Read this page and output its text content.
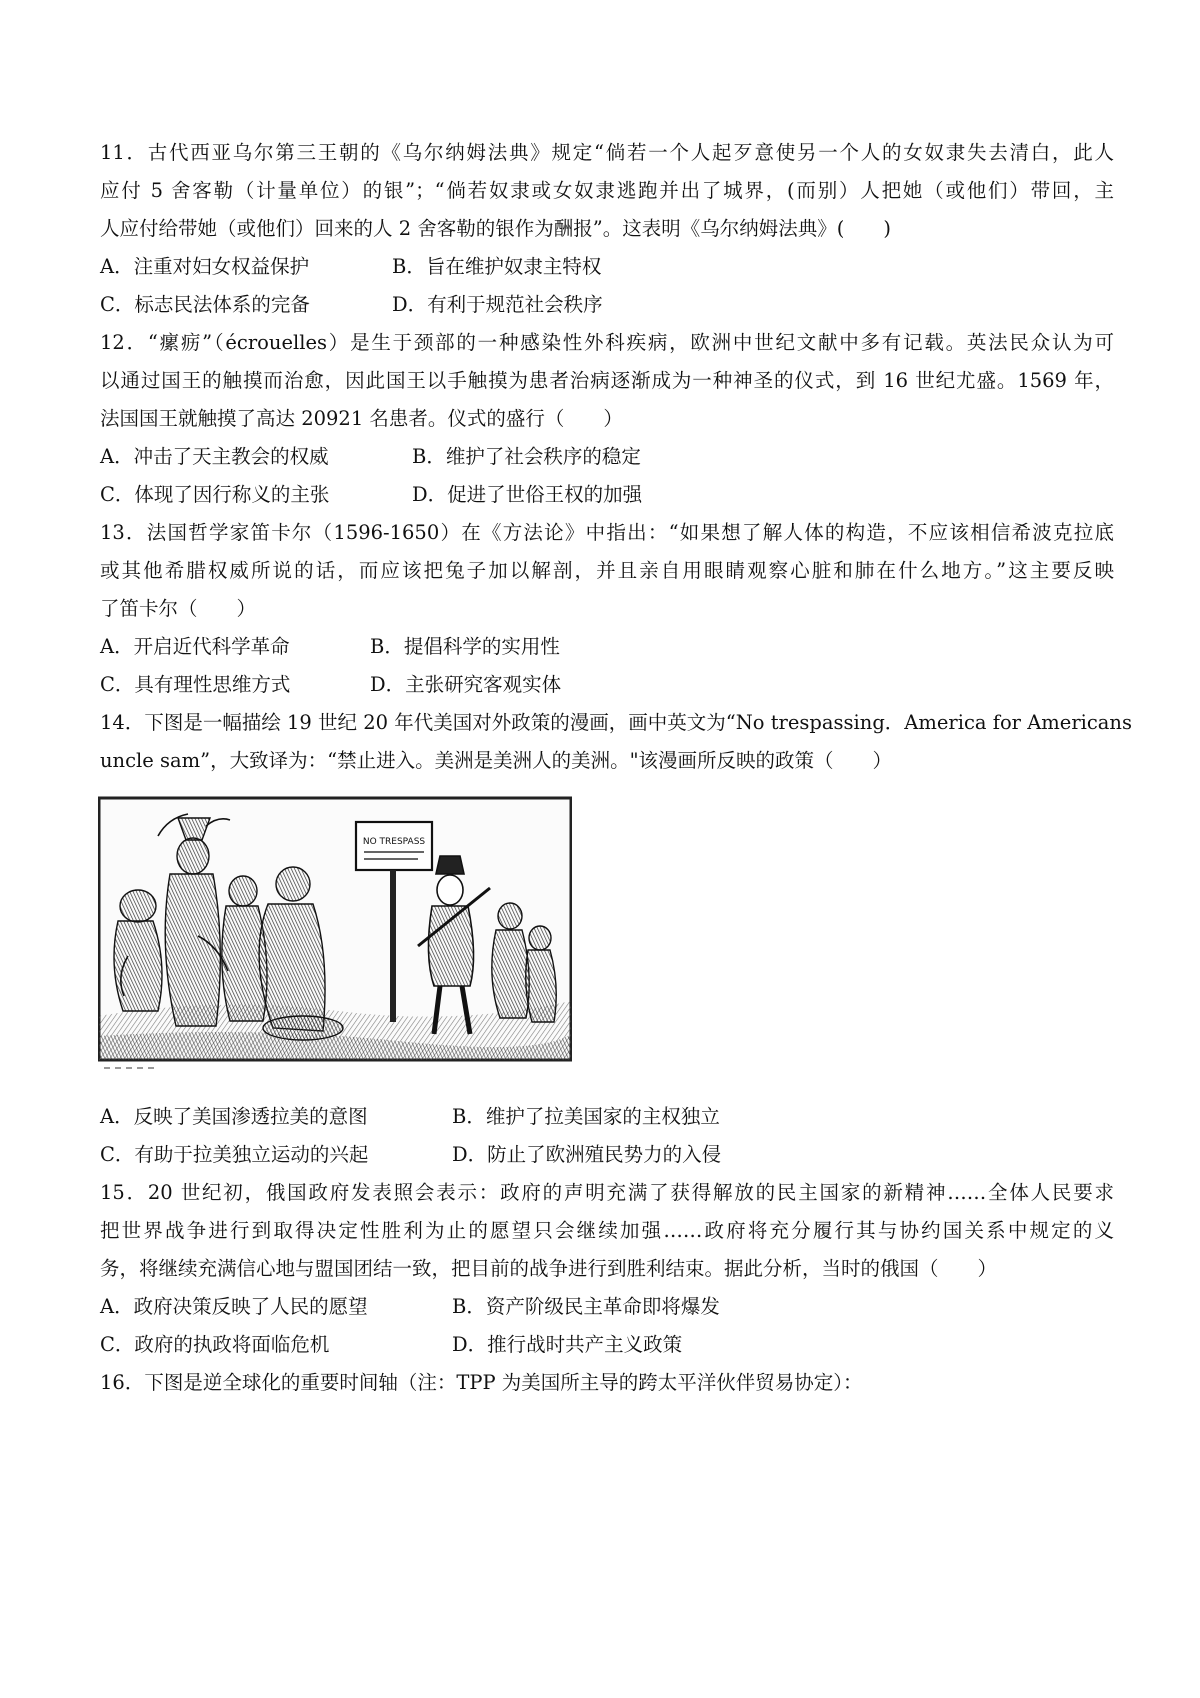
11．古代西亚乌尔第三王朝的《乌尔纳姆法典》规定“倘若一个人起歹意使另一个人的女奴隶失去清白，此人
应付 5 舍客勒（计量单位）的银”；“倘若奴隶或女奴隶逃跑并出了城界，(而别）人把她（或他们）带回，主
人应付给带她（或他们）回来的人 2 舍客勒的银作为酬报”。这表明《乌尔纳姆法典》(　　)
A．注重对妇女权益保护	B．旨在维护奴隶主特权
C．标志民法体系的完备	D．有利于规范社会秩序
12．“瘰疬”（écrouelles）是生于颈部的一种感染性外科疾病，欧洲中世纪文献中多有记载。英法民众认为可
以通过国王的触摸而治愈，因此国王以手触摸为患者治病逐渐成为一种神圣的仪式，到 16 世纪尤盛。1569 年，
法国国王就触摸了高达 20921 名患者。仪式的盛行（　　）
A．冲击了天主教会的权威	B．维护了社会秩序的稳定
C．体现了因行称义的主张	D．促进了世俗王权的加强
13．法国哲学家笛卡尔（1596-1650）在《方法论》中指出：“如果想了解人体的构造，不应该相信希波克拉底
或其他希腊权威所说的话，而应该把兔子加以解剖，并且亲自用眼睛观察心脏和肺在什么地方。”这主要反映
了笛卡尔（　　）
A．开启近代科学革命	B．提倡科学的实用性
C．具有理性思维方式	D．主张研究客观实体
14．下图是一幅描绘 19 世纪 20 年代美国对外政策的漫画，画中英文为“No trespassing．America for Americans
uncle sam”，大致译为：“禁止进入。美洲是美洲人的美洲。"该漫画所反映的政策（　　）
NO TRESPASS
A．反映了美国渗透拉美的意图	B．维护了拉美国家的主权独立
C．有助于拉美独立运动的兴起	D．防止了欧洲殖民势力的入侵
15．20 世纪初，俄国政府发表照会表示：政府的声明充满了获得解放的民主国家的新精神……全体人民要求
把世界战争进行到取得决定性胜利为止的愿望只会继续加强……政府将充分履行其与协约国关系中规定的义
务，将继续充满信心地与盟国团结一致，把目前的战争进行到胜利结束。据此分析，当时的俄国（　　）
A．政府决策反映了人民的愿望	B．资产阶级民主革命即将爆发
C．政府的执政将面临危机	D．推行战时共产主义政策
16．下图是逆全球化的重要时间轴（注：TPP 为美国所主导的跨太平洋伙伴贸易协定）：
